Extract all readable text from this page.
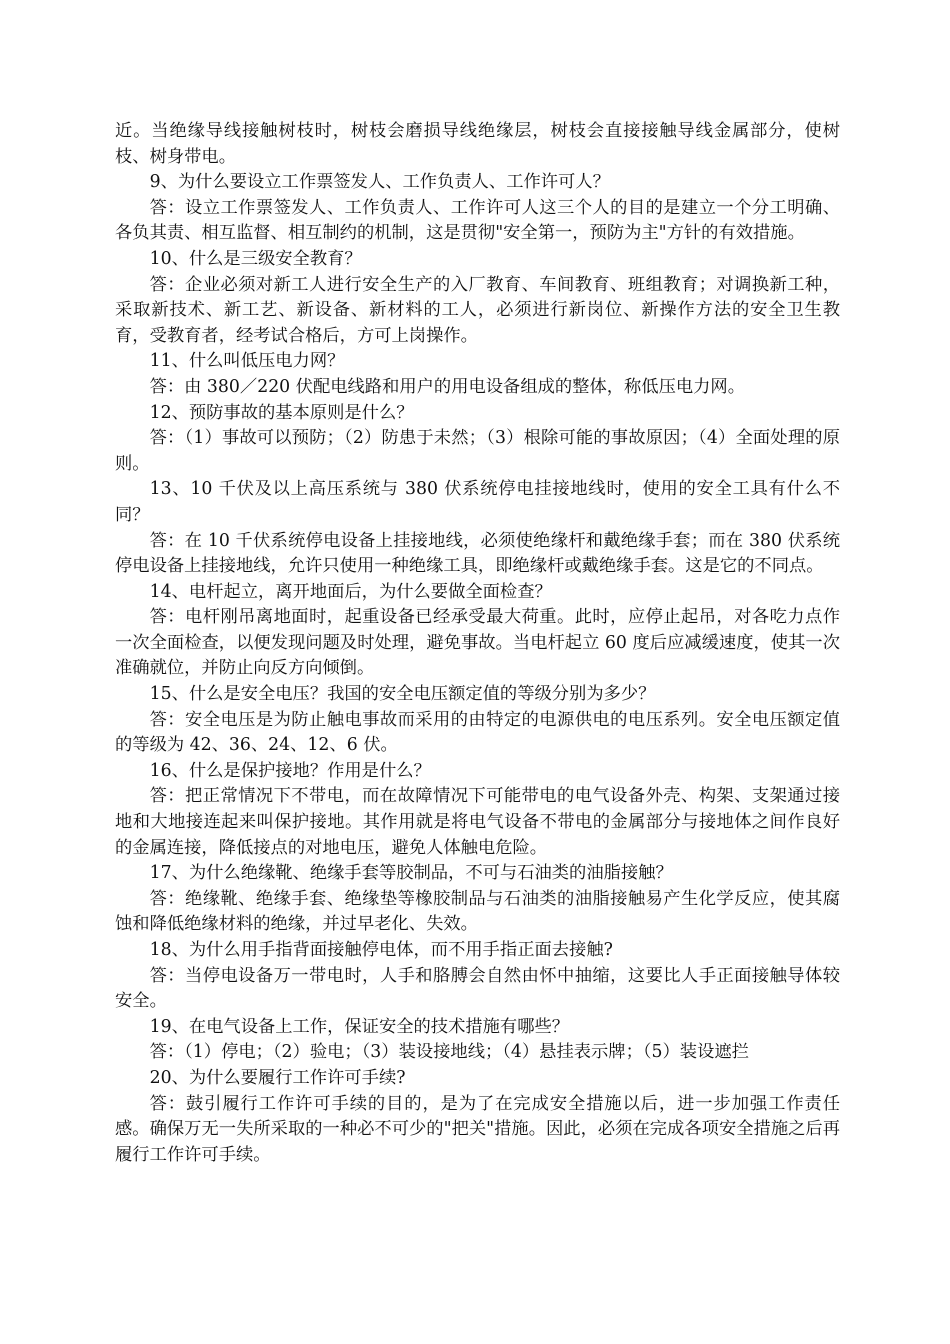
近。当绝缘导线接触树枝时，树枝会磨损导线绝缘层，树枝会直接接触导线金属部分，使树枝、树身带电。

9、为什么要设立工作票签发人、工作负责人、工作许可人？

答：设立工作票签发人、工作负责人、工作许可人这三个人的目的是建立一个分工明确、各负其责、相互监督、相互制约的机制，这是贯彻"安全第一，预防为主"方针的有效措施。

10、什么是三级安全教育？

答：企业必须对新工人进行安全生产的入厂教育、车间教育、班组教育；对调换新工种，采取新技术、新工艺、新设备、新材料的工人，必须进行新岗位、新操作方法的安全卫生教育，受教育者，经考试合格后，方可上岗操作。

11、什么叫低压电力网？

答：由 380／220 伏配电线路和用户的用电设备组成的整体，称低压电力网。

12、预防事故的基本原则是什么？

答：（1）事故可以预防；（2）防患于未然；（3）根除可能的事故原因；（4）全面处理的原则。

13、10 千伏及以上高压系统与 380 伏系统停电挂接地线时，使用的安全工具有什么不同？

答：在 10 千伏系统停电设备上挂接地线，必须使绝缘杆和戴绝缘手套；而在 380 伏系统停电设备上挂接地线，允许只使用一种绝缘工具，即绝缘杆或戴绝缘手套。这是它的不同点。

14、电杆起立，离开地面后，为什么要做全面检查？

答：电杆刚吊离地面时，起重设备已经承受最大荷重。此时，应停止起吊，对各吃力点作一次全面检查，以便发现问题及时处理，避免事故。当电杆起立 60 度后应减缓速度，使其一次准确就位，并防止向反方向倾倒。

15、什么是安全电压？我国的安全电压额定值的等级分别为多少？

答：安全电压是为防止触电事故而采用的由特定的电源供电的电压系列。安全电压额定值的等级为 42、36、24、12、6 伏。

16、什么是保护接地？作用是什么？

答：把正常情况下不带电，而在故障情况下可能带电的电气设备外壳、构架、支架通过接地和大地接连起来叫保护接地。其作用就是将电气设备不带电的金属部分与接地体之间作良好的金属连接，降低接点的对地电压，避免人体触电危险。

17、为什么绝缘靴、绝缘手套等胶制品，不可与石油类的油脂接触？

答：绝缘靴、绝缘手套、绝缘垫等橡胶制品与石油类的油脂接触易产生化学反应，使其腐蚀和降低绝缘材料的绝缘，并过早老化、失效。

18、为什么用手指背面接触停电体，而不用手指正面去接触?

答：当停电设备万一带电时，人手和胳膊会自然由怀中抽缩，这要比人手正面接触导体较安全。

19、在电气设备上工作，保证安全的技术措施有哪些？

答：（1）停电；（2）验电；（3）装设接地线；（4）悬挂表示牌；（5）装设遮拦

20、为什么要履行工作许可手续?

答：鼓引履行工作许可手续的目的，是为了在完成安全措施以后，进一步加强工作责任感。确保万无一失所采取的一种必不可少的"把关"措施。因此，必须在完成各项安全措施之后再履行工作许可手续。
